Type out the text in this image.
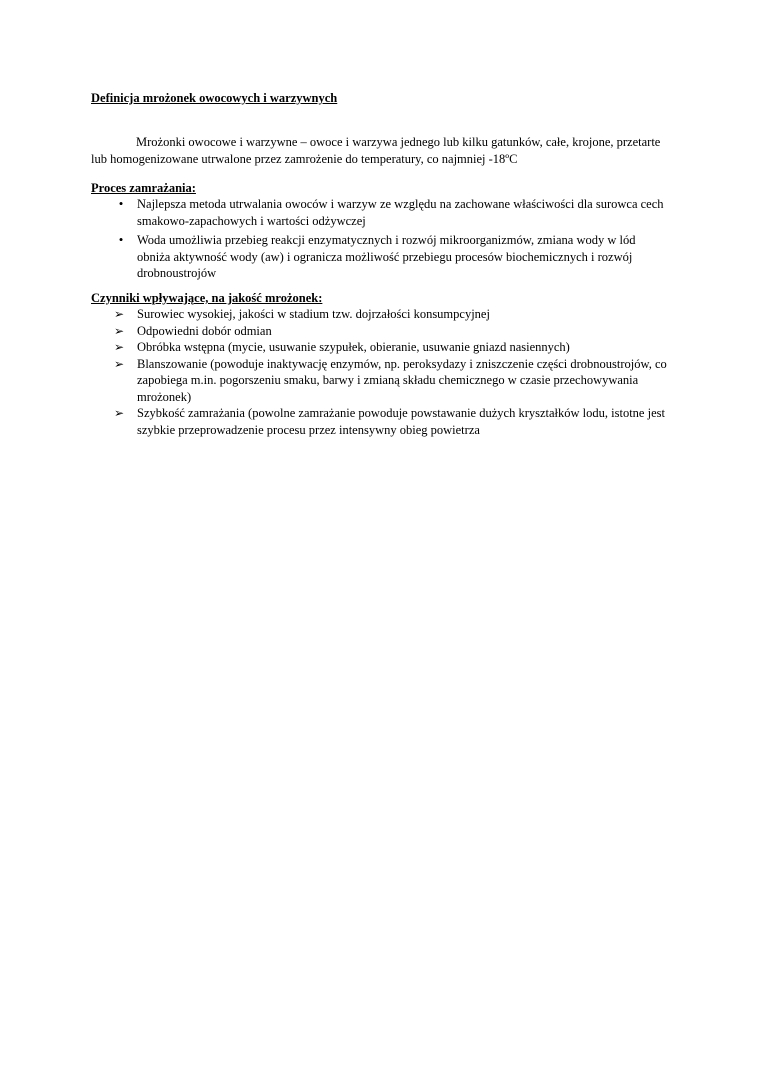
Definicja mrożonek owocowych i warzywnych
Mrożonki owocowe i warzywne – owoce i warzywa jednego lub kilku gatunków, całe, krojone, przetarte lub homogenizowane utrwalone przez zamrożenie do temperatury, co najmniej -18ºC
Proces zamrażania:
•	Najlepsza metoda utrwalania owoców i warzyw ze względu na zachowane właściwości dla surowca cech smakowo-zapachowych i wartości odżywczej
•	Woda umożliwia przebieg reakcji enzymatycznych i rozwój mikroorganizmów, zmiana wody w lód obniża aktywność wody (aw) i ogranicza możliwość przebiegu procesów biochemicznych i rozwój drobnoustrojów
Czynniki wpływające, na jakość mrożonek:
➢ Surowiec wysokiej, jakości w stadium tzw. dojrzałości konsumpcyjnej
➢ Odpowiedni dobór odmian
➢ Obróbka wstępna (mycie, usuwanie szypułek, obieranie, usuwanie gniazd nasiennych)
➢ Blanszowanie (powoduje inaktywację enzymów, np. peroksydazy i zniszczenie części drobnoustrojów, co zapobiega m.in. pogorszeniu smaku, barwy i zmianą składu chemicznego w czasie przechowywania mrożonek)
➢ Szybkość zamrażania (powolne zamrażanie powoduje powstawanie dużych kryształków lodu, istotne jest szybkie przeprowadzenie procesu przez intensywny obieg powietrza
